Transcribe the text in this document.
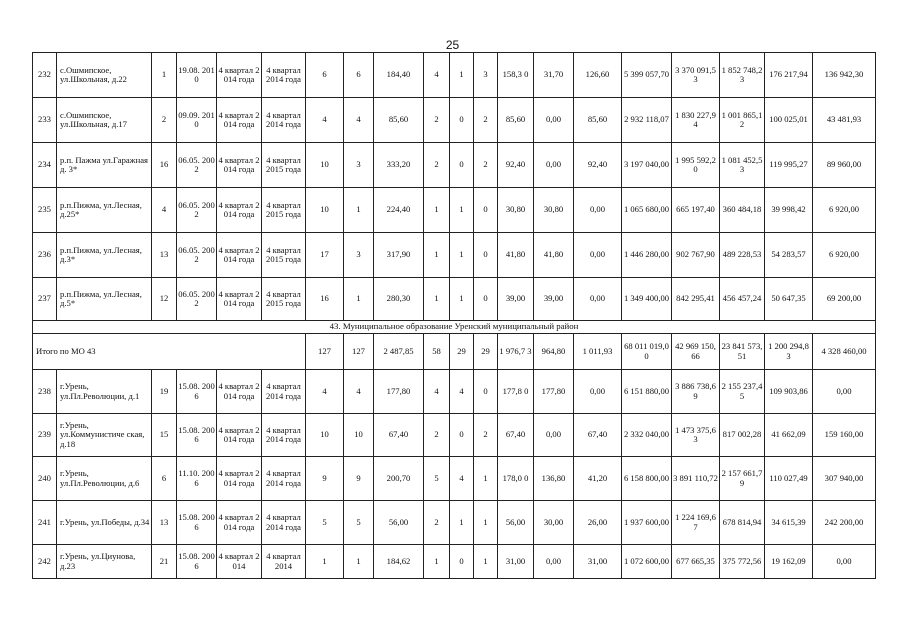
25
232	с.Ошмипское, ул.Школьная, д.22	1	19.08. 2010	4 квартал 2014 года	4 квартал 2014 года	6	6	184,40	4	1	3	158,3 0	31,70	126,60	5 399 057,70	3 370 091,53	1 852 748,23	176 217,94	136 942,30
233	с.Ошмипское, ул.Школьная, д.17	2	09.09. 2010	4 квартал 2014 года	4 квартал 2014 года	4	4	85,60	2	0	2	85,60	0,00	85,60	2 932 118,07	1 830 227,94	1 001 865,12	100 025,01	43 481,93
234	р.п. Пажма ул.Гаражная д. 3*	16	06.05. 2002	4 квартал 2014 года	4 квартал 2015 года	10	3	333,20	2	0	2	92,40	0,00	92,40	3 197 040,00	1 995 592,20	1 081 452,53	119 995,27	89 960,00
235	р.п.Пижма, ул.Лесная, д.25*	4	06.05. 2002	4 квартал 2014 года	4 квартал 2015 года	10	1	224,40	1	1	0	30,80	30,80	0,00	1 065 680,00	665 197,40	360 484,18	39 998,42	6 920,00
236	р.п.Пижма, ул.Лесная, д.3*	13	06.05. 2002	4 квартал 2014 года	4 квартал 2015 года	17	3	317,90	1	1	0	41,80	41,80	0,00	1 446 280,00	902 767,90	489 228,53	54 283,57	6 920,00
237	р.п.Пижма, ул.Лесная, д.5*	12	06.05. 2002	4 квартал 2014 года	4 квартал 2015 года	16	1	280,30	1	1	0	39,00	39,00	0,00	1 349 400,00	842 295,41	456 457,24	50 647,35	69 200,00
43. Муниципальное образование Уренский муниципальный район																			
Итого по МО 43						127	127	2 487,85	58	29	29	1 976,7 3	964,80	1 011,93	68 011 019,00	42 969 150,66	23 841 573,51	1 200 294,83	4 328 460,00
238	г.Урень, ул.Пл.Революции, д.1	19	15.08. 2006	4 квартал 2014 года	4 квартал 2014 года	4	4	177,80	4	4	0	177,8 0	177,80	0,00	6 151 880,00	3 886 738,69	2 155 237,45	109 903,86	0,00
239	г.Урень, ул.Коммунистиче ская, д.18	15	15.08. 2006	4 квартал 2014 года	4 квартал 2014 года	10	10	67,40	2	0	2	67,40	0,00	67,40	2 332 040,00	1 473 375,63	817 002,28	41 662,09	159 160,00
240	г.Урень, ул.Пл.Революции, д.6	6	11.10. 2006	4 квартал 2014 года	4 квартал 2014 года	9	9	200,70	5	4	1	178,0 0	136,80	41,20	6 158 800,00	3 891 110,72	2 157 661,79	110 027,49	307 940,00
241	г.Урень, ул.Победы, д.34	13	15.08. 2006	4 квартал 2014 года	4 квартал 2014 года	5	5	56,00	2	1	1	56,00	30,00	26,00	1 937 600,00	1 224 169,67	678 814,94	34 615,39	242 200,00
242	г.Урень, ул.Циунова, д.23	21	15.08. 2006	4 квартал 2014	4 квартал 2014	1	1	184,62	1	0	1	31,00	0,00	31,00	1 072 600,00	677 665,35	375 772,56	19 162,09	0,00
